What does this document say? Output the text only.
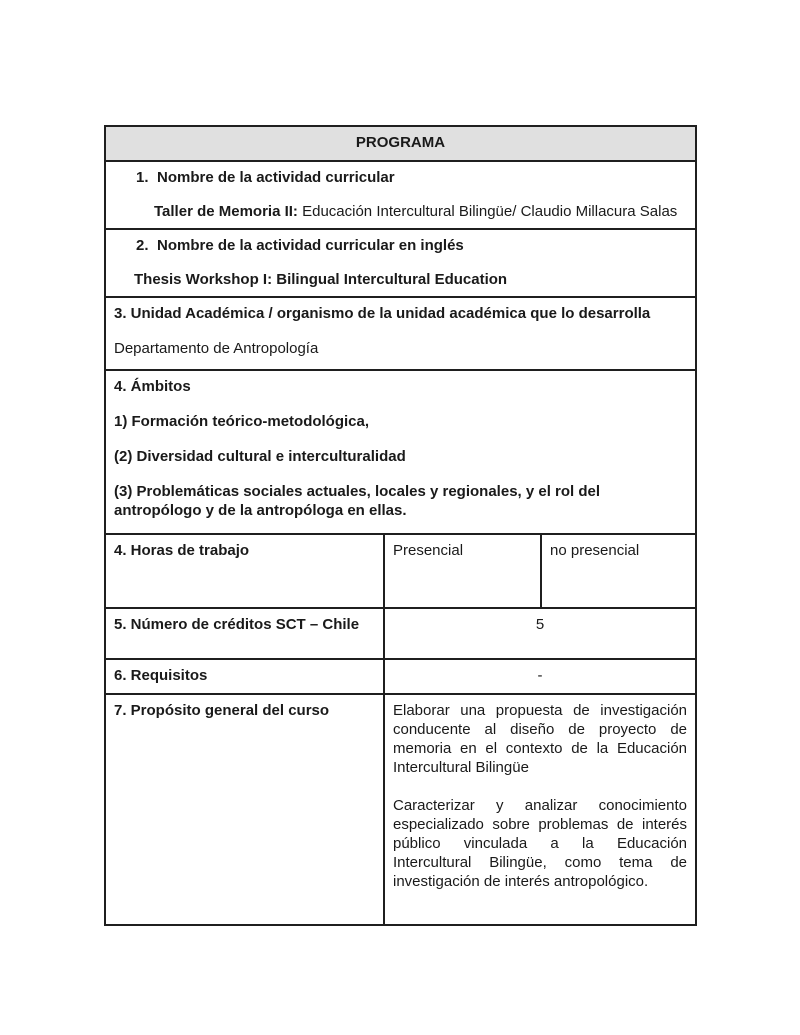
PROGRAMA		

1. Nombre de la actividad curricular
Taller de Memoria II: Educación Intercultural Bilingüe/ Claudio Millacura Salas		

2. Nombre de la actividad curricular en inglés
Thesis Workshop I: Bilingual Intercultural Education		

3. Unidad Académica / organismo de la unidad académica que lo desarrolla
Departamento de Antropología		

4. Ámbitos
1) Formación teórico-metodológica,
(2) Diversidad cultural e interculturalidad
(3) Problemáticas sociales actuales, locales y regionales, y el rol del antropólogo y de la antropóloga en ellas.		

4. Horas de trabajo	Presencial	no presencial
5. Número de créditos SCT – Chile	5	
6. Requisitos	-	
7. Propósito general del curso	Elaborar una propuesta de investigación conducente al diseño de proyecto de memoria en el contexto de la Educación Intercultural Bilingüe
Caracterizar y analizar conocimiento especializado sobre problemas de interés público vinculada a la Educación Intercultural Bilingüe, como tema de investigación de interés antropológico.	
